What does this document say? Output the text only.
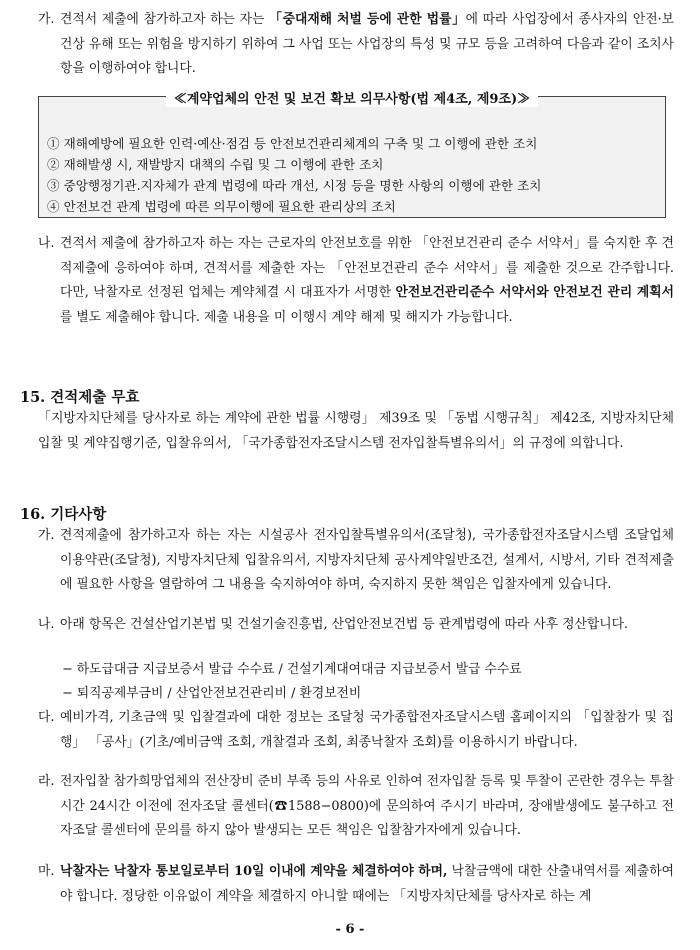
가. 견적서 제출에 참가하고자 하는 자는 「중대재해 처벌 등에 관한 법률」에 따라 사업장에서 종사자의 안전·보건상 유해 또는 위험을 방지하기 위하여 그 사업 또는 사업장의 특성 및 규모 등을 고려하여 다음과 같이 조치사항을 이행하여야 합니다.
≪계약업체의 안전 및 보건 확보 의무사항(법 제4조, 제9조)≫
① 재해예방에 필요한 인력·예산·점검 등 안전보건관리체계의 구축 및 그 이행에 관한 조치
② 재해발생 시, 재발방지 대책의 수립 및 그 이행에 관한 조치
③ 중앙행정기관.지자체가 관계 법령에 따라 개선, 시정 등을 명한 사항의 이행에 관한 조치
④ 안전보건 관계 법령에 따른 의무이행에 필요한 관리상의 조치
나. 견적서 제출에 참가하고자 하는 자는 근로자의 안전보호를 위한 「안전보건관리 준수 서약서」를 숙지한 후 견적제출에 응하여야 하며, 견적서를 제출한 자는 「안전보건관리 준수 서약서」를 제출한 것으로 간주합니다. 다만, 낙찰자로 선정된 업체는 계약체결 시 대표자가 서명한 안전보건관리준수 서약서와 안전보건 관리 계획서를 별도 제출해야 합니다. 제출 내용을 미 이행시 계약 해제 및 해지가 가능합니다.
15. 견적제출 무효
「지방자치단체를 당사자로 하는 계약에 관한 법률 시행령」 제39조 및 「동법 시행규칙」 제42조, 지방자치단체 입찰 및 계약집행기준, 입찰유의서, 「국가종합전자조달시스템 전자입찰특별유의서」의 규정에 의합니다.
16. 기타사항
가. 견적제출에 참가하고자 하는 자는 시설공사 전자입찰특별유의서(조달청), 국가종합전자조달시스템 조달업체 이용약관(조달청), 지방자치단체 입찰유의서, 지방자치단체 공사계약일반조건, 설계서, 시방서, 기타 견적제출에 필요한 사항을 열람하여 그 내용을 숙지하여야 하며, 숙지하지 못한 책임은 입찰자에게 있습니다.
나. 아래 항목은 건설산업기본법 및 건설기술진흥법, 산업안전보건법 등 관계법령에 따라 사후 정산합니다.
− 하도급대금 지급보증서 발급 수수료 / 건설기계대여대금 지급보증서 발급 수수료
− 퇴직공제부금비 / 산업안전보건관리비 / 환경보전비
다. 예비가격, 기초금액 및 입찰결과에 대한 정보는 조달청 국가종합전자조달시스템 홈페이지의 「입찰참가 및 집행」 「공사」(기초/예비금액 조회, 개찰결과 조회, 최종낙찰자 조회)를 이용하시기 바랍니다.
라. 전자입찰 참가희망업체의 전산장비 준비 부족 등의 사유로 인하여 전자입찰 등록 및 투찰이 곤란한 경우는 투찰시간 24시간 이전에 전자조달 콜센터(☎1588−0800)에 문의하여 주시기 바라며, 장애발생에도 불구하고 전자조달 콜센터에 문의를 하지 않아 발생되는 모든 책임은 입찰참가자에게 있습니다.
마. 낙찰자는 낙찰자 통보일로부터 10일 이내에 계약을 체결하여야 하며, 낙찰금액에 대한 산출내역서를 제출하여야 합니다. 정당한 이유없이 계약을 체결하지 아니할 때에는 「지방자치단체를 당사자로 하는 계
- 6 -
